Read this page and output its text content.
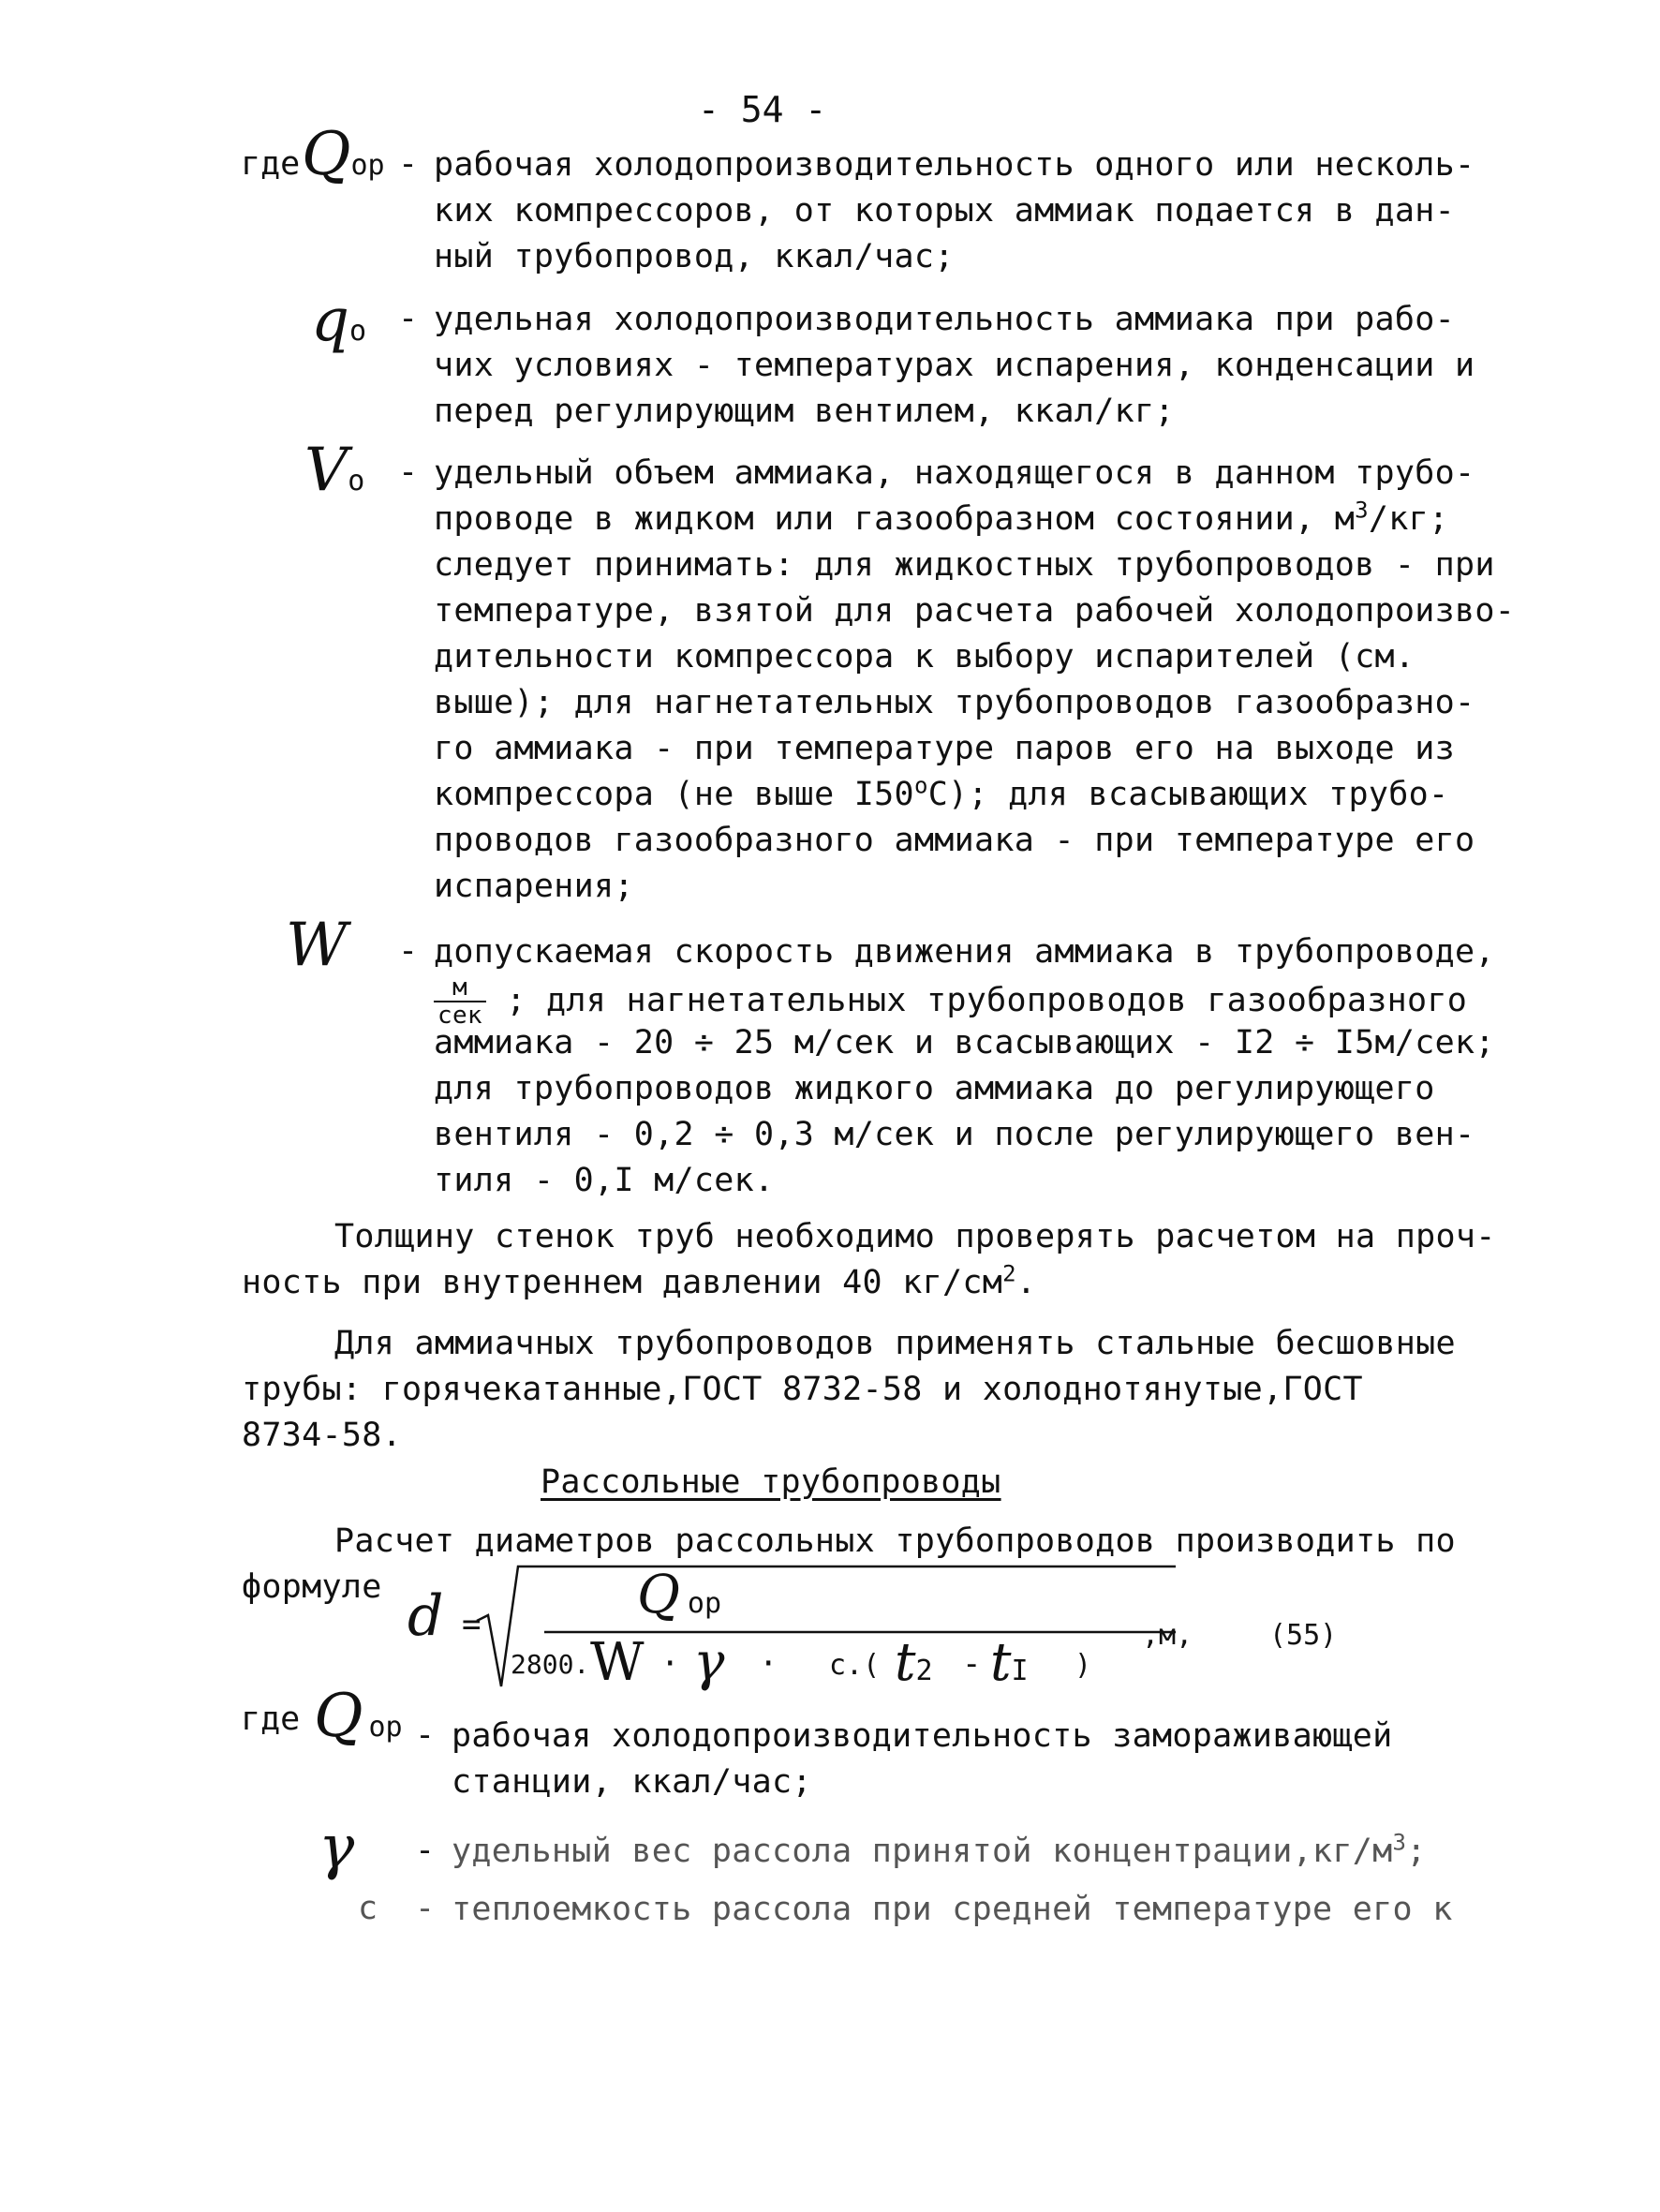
- 54 -
где Qор - рабочая холодопроизводительность одного или несколь-
ких компрессоров, от которых аммиак подается в дан-
ный трубопровод, ккал/час;
qо - удельная холодопроизводительность аммиака при рабо-
чих условиях - температурах испарения, конденсации и
перед регулирующим вентилем, ккал/кг;
Vо - удельный объем аммиака, находящегося в данном трубо-
проводе в жидком или газообразном состоянии, $м^3/кг$;
следует принимать: для жидкостных трубопроводов - при
температуре, взятой для расчета рабочей холодопроизво-
дительности компрессора к выбору испарителей (см.
выше); для нагнетательных трубопроводов газообразно-
го аммиака - при температуре паров его на выходе из
компрессора (не выше $I50^оС$); для всасывающих трубо-
проводов газообразного аммиака - при температуре его
испарения;
W - допускаемая скорость движения аммиака в трубопроводе,
$\frac{м}{\text{сек}}$ ; для нагнетательных трубопроводов газообразного
аммиака - 20 ÷ 25 м/сек и всасывающих - I2 ÷ I5м/сек;
для трубопроводов жидкого аммиака до регулирующего
вентиля - 0,2 ÷ 0,3 м/сек и после регулирующего вен-
тиля - 0,I м/сек.
Толщину стенок труб необходимо проверять расчетом на проч-
ность при внутреннем давлении 40 $кг/см^2$.
Для аммиачных трубопроводов применять стальные бесшовные
трубы: горячекатанные,ГОСТ 8732-58 и холоднотянутые,ГОСТ
8734-58.
Рассольные трубопроводы
Расчет диаметров рассольных трубопроводов производить по
формуле d =	Qор
2800. W · γ · с.( t2 - tI )
,м,	(55)
где Qор - рабочая холодопроизводительность замораживающей
станции, ккал/час;
γ - удельный вес рассола принятой $концентрации,кг/м^3$;
с - теплоемкость рассола при средней температуре его к
